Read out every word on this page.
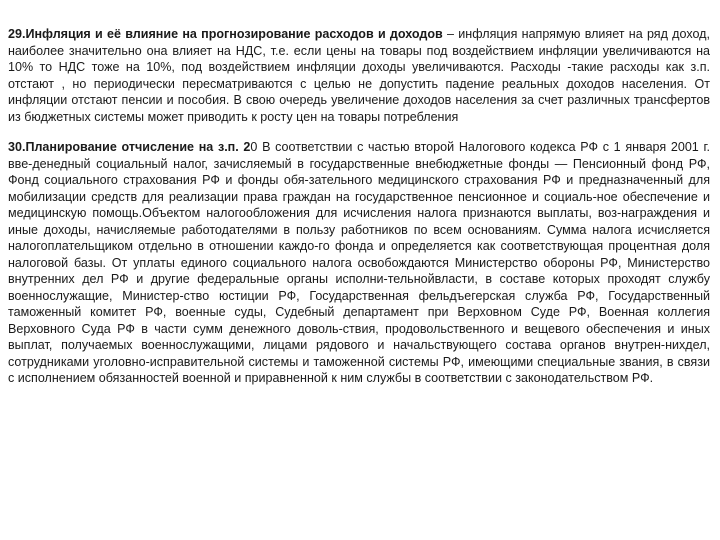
29.Инфляция и её влияние на прогнозирование расходов и доходов – инфляция напрямую влияет на ряд доход, наиболее значительно она влияет на НДС, т.е. если цены на товары под воздействием инфляции увеличиваются на 10% то НДС тоже на 10%, под воздействием инфляции доходы увеличиваются. Расходы -такие расходы как з.п. отстают , но периодически пересматриваются с целью не допустить падение реальных доходов населения. От инфляции отстают пенсии и пособия. В свою очередь увеличение доходов населения за счет различных трансфертов из бюджетных системы может приводить к росту цен на товары потребления

30.Планирование отчисление на з.п. 20 В соответствии с частью второй Налогового кодекса РФ с 1 января 2001 г. вве-денедный социальный налог, зачисляемый в государственные внебюджетные фонды — Пенсионный фонд РФ, Фонд социального страхования РФ и фонды обя-зательного медицинского страхования РФ и предназначенный для мобилизации средств для реализации права граждан на государственное пенсионное и социаль-ное обеспечение и медицинскую помощь.Объектом налогообложения для исчисления налога признаются выплаты, воз-награждения и иные доходы, начисляемые работодателями в пользу работников по всем основаниям. Сумма налога исчисляется налогоплательщиком отдельно в отношении каждо-го фонда и определяется как соответствующая процентная доля налоговой базы. От уплаты единого социального налога освобождаются Министерство обороны РФ, Министерство внутренних дел РФ и другие федеральные органы исполни-тельнойвласти, в составе которых проходят службу военнослужащие, Министер-ство юстиции РФ, Государственная фельдъегерская служба РФ, Государственный таможенный комитет РФ, военные суды, Судебный департамент при Верховном Суде РФ, Военная коллегия Верховного Суда РФ в части сумм денежного доволь-ствия, продовольственного и вещевого обеспечения и иных выплат, получаемых военнослужащими, лицами рядового и начальствующего состава органов внутрен-нихдел, сотрудниками уголовно-исправительной системы и таможенной системы РФ, имеющими специальные звания, в связи с исполнением обязанностей военной и приравненной к ним службы в соответствии с законодательством РФ.
